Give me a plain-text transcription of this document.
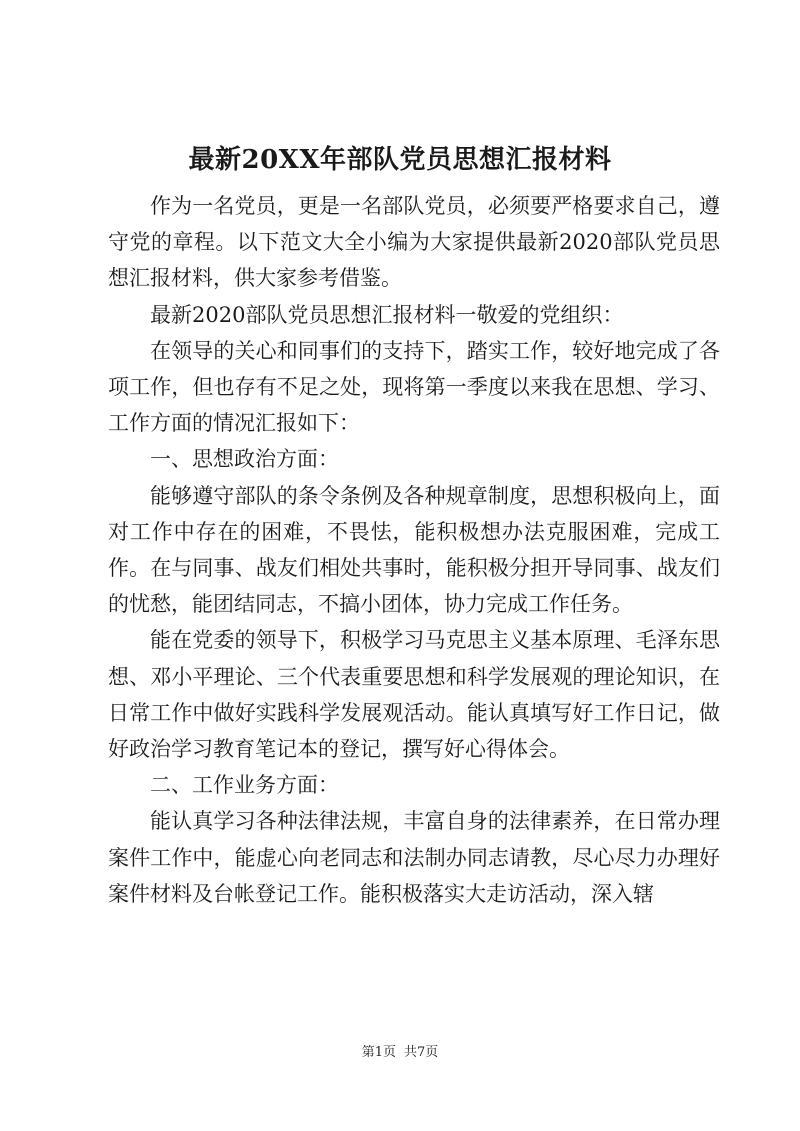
最新20XX年部队党员思想汇报材料

作为一名党员，更是一名部队党员，必须要严格要求自己，遵守党的章程。以下范文大全小编为大家提供最新2020部队党员思想汇报材料，供大家参考借鉴。

最新2020部队党员思想汇报材料一敬爱的党组织：

在领导的关心和同事们的支持下，踏实工作，较好地完成了各项工作，但也存有不足之处，现将第一季度以来我在思想、学习、工作方面的情况汇报如下：

一、思想政治方面：

能够遵守部队的条令条例及各种规章制度，思想积极向上，面对工作中存在的困难，不畏怯，能积极想办法克服困难，完成工作。在与同事、战友们相处共事时，能积极分担开导同事、战友们的忧愁，能团结同志，不搞小团体，协力完成工作任务。

能在党委的领导下，积极学习马克思主义基本原理、毛泽东思想、邓小平理论、三个代表重要思想和科学发展观的理论知识，在日常工作中做好实践科学发展观活动。能认真填写好工作日记，做好政治学习教育笔记本的登记，撰写好心得体会。

二、工作业务方面：

能认真学习各种法律法规，丰富自身的法律素养，在日常办理案件工作中，能虚心向老同志和法制办同志请教，尽心尽力办理好案件材料及台帐登记工作。能积极落实大走访活动，深入辖

第1页 共7页
